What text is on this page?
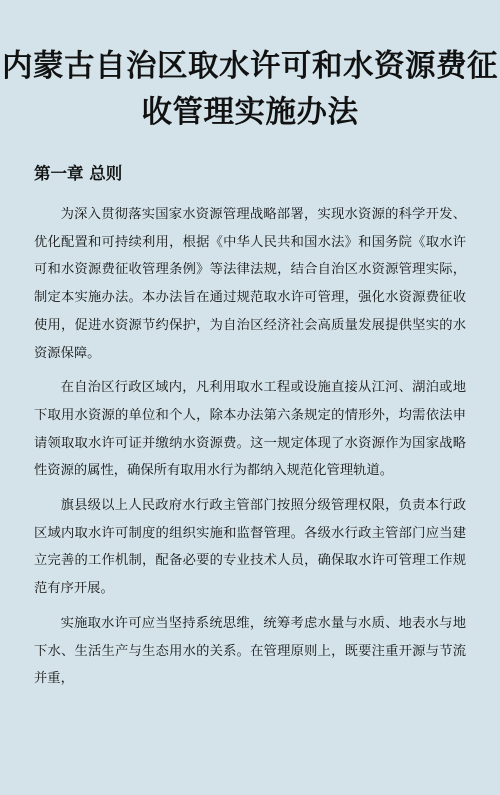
内蒙古自治区取水许可和水资源费征收管理实施办法
第一章 总则

为深入贯彻落实国家水资源管理战略部署，实现水资源的科学开发、优化配置和可持续利用，根据《中华人民共和国水法》和国务院《取水许可和水资源费征收管理条例》等法律法规，结合自治区水资源管理实际，制定本实施办法。本办法旨在通过规范取水许可管理，强化水资源费征收使用，促进水资源节约保护，为自治区经济社会高质量发展提供坚实的水资源保障。

在自治区行政区域内，凡利用取水工程或设施直接从江河、湖泊或地下取用水资源的单位和个人，除本办法第六条规定的情形外，均需依法申请领取取水许可证并缴纳水资源费。这一规定体现了水资源作为国家战略性资源的属性，确保所有取用水行为都纳入规范化管理轨道。

旗县级以上人民政府水行政主管部门按照分级管理权限，负责本行政区域内取水许可制度的组织实施和监督管理。各级水行政主管部门应当建立完善的工作机制，配备必要的专业技术人员，确保取水许可管理工作规范有序开展。

实施取水许可应当坚持系统思维，统筹考虑水量与水质、地表水与地下水、生活生产与生态用水的关系。在管理原则上，既要注重开源与节流并重，
